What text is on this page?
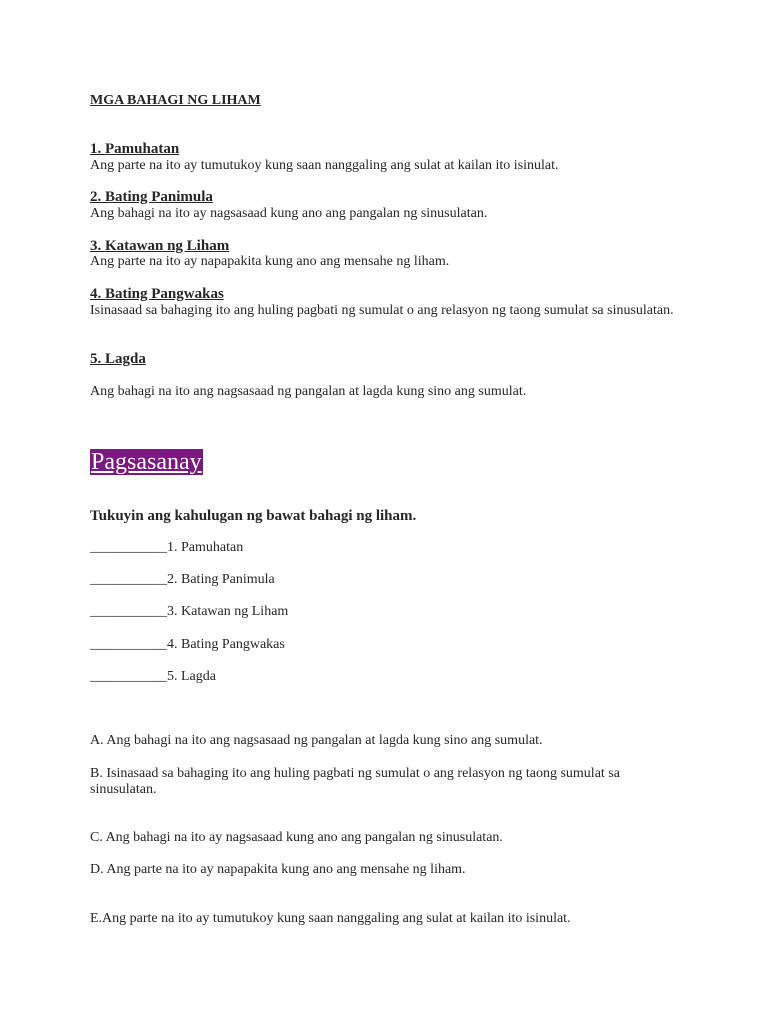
MGA BAHAGI NG LIHAM
1. Pamuhatan
Ang parte na ito ay tumutukoy kung saan nanggaling ang sulat at kailan ito isinulat.
2. Bating Panimula
Ang bahagi na ito ay nagsasaad kung ano ang pangalan ng sinusulatan.
3. Katawan ng Liham
Ang parte na ito ay napapakita kung ano ang mensahe ng liham.
4. Bating Pangwakas
Isinasaad sa bahaging ito ang huling pagbati ng sumulat o ang relasyon ng taong sumulat sa sinusulatan.
5. Lagda
Ang bahagi na ito ang nagsasaad ng pangalan at lagda kung sino ang sumulat.
Pagsasanay
Tukuyin ang kahulugan ng bawat bahagi ng liham.
___________1. Pamuhatan
___________2. Bating Panimula
___________3. Katawan ng Liham
___________4. Bating Pangwakas
___________5. Lagda
A. Ang bahagi na ito ang nagsasaad ng pangalan at lagda kung sino ang sumulat.
B. Isinasaad sa bahaging ito ang huling pagbati ng sumulat o ang relasyon ng taong sumulat sa sinusulatan.
C. Ang bahagi na ito ay nagsasaad kung ano ang pangalan ng sinusulatan.
D. Ang parte na ito ay napapakita kung ano ang mensahe ng liham.
E.Ang parte na ito ay tumutukoy kung saan nanggaling ang sulat at kailan ito isinulat.
